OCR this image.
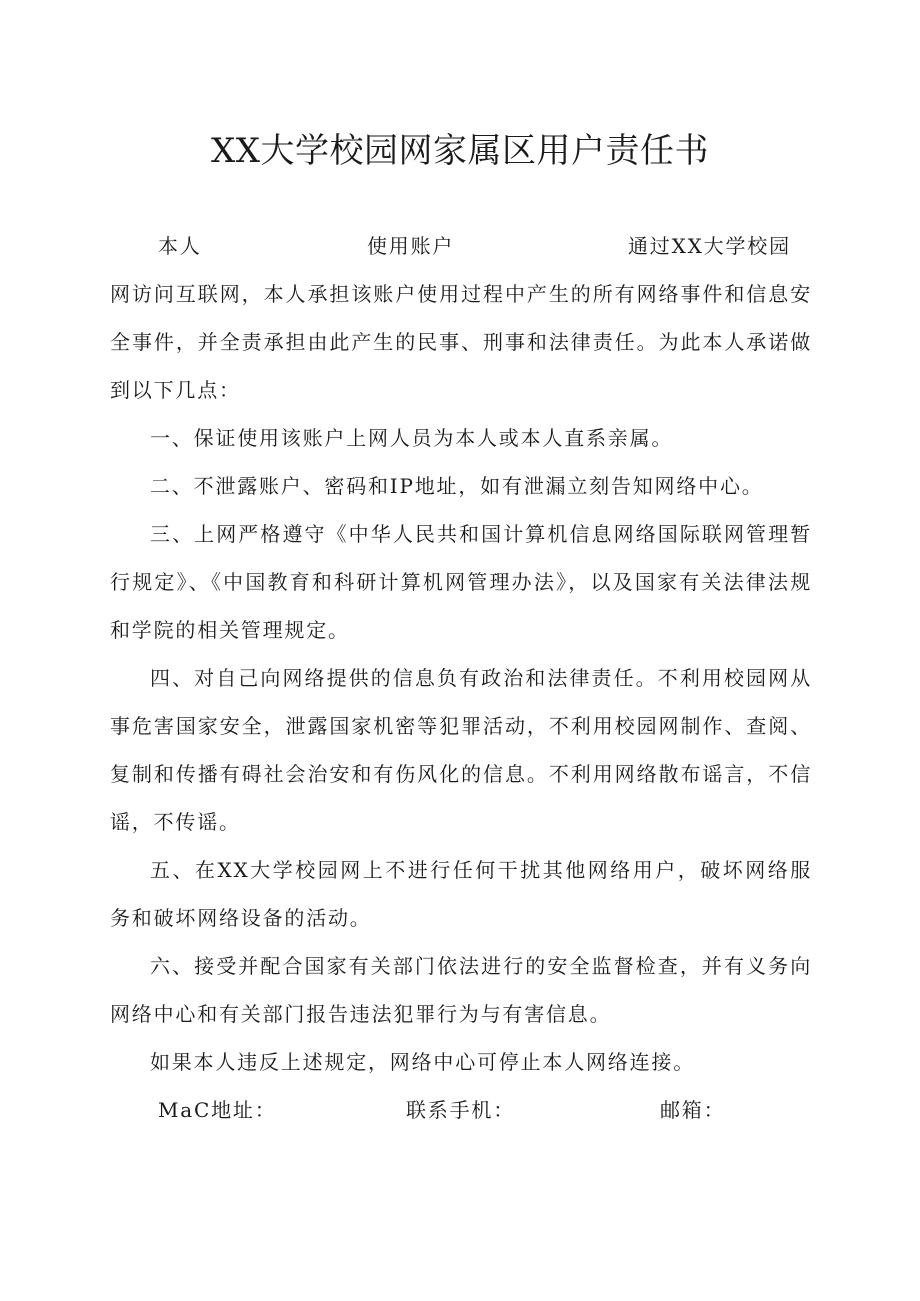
XX大学校园网家属区用户责任书
本人	使用账户	通过XX大学校园

网访问互联网，本人承担该账户使用过程中产生的所有网络事件和信息安全事件，并全责承担由此产生的民事、刑事和法律责任。为此本人承诺做到以下几点：

一、保证使用该账户上网人员为本人或本人直系亲属。

二、不泄露账户、密码和IP地址，如有泄漏立刻告知网络中心。

三、上网严格遵守《中华人民共和国计算机信息网络国际联网管理暂行规定》、《中国教育和科研计算机网管理办法》，以及国家有关法律法规和学院的相关管理规定。

四、对自己向网络提供的信息负有政治和法律责任。不利用校园网从事危害国家安全，泄露国家机密等犯罪活动，不利用校园网制作、查阅、复制和传播有碍社会治安和有伤风化的信息。不利用网络散布谣言，不信谣，不传谣。

五、在XX大学校园网上不进行任何干扰其他网络用户，破坏网络服务和破坏网络设备的活动。

六、接受并配合国家有关部门依法进行的安全监督检查，并有义务向网络中心和有关部门报告违法犯罪行为与有害信息。

如果本人违反上述规定，网络中心可停止本人网络连接。

MaC地址：	联系手机：	邮箱：
